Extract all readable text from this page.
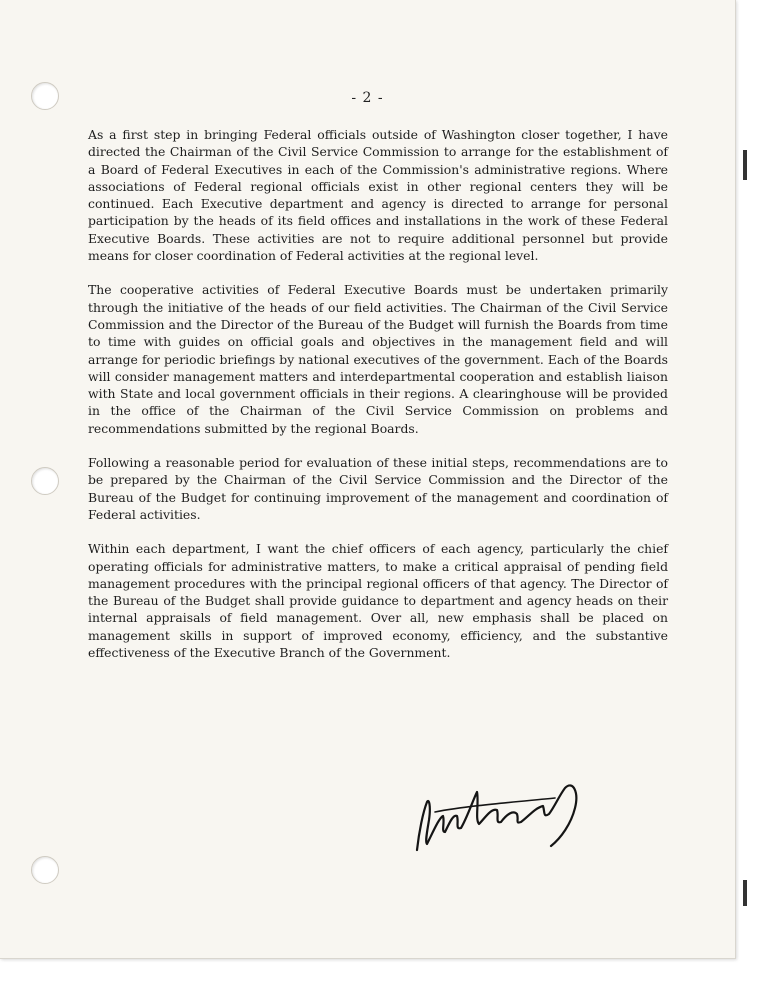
- 2 -

As a first step in bringing Federal officials outside of Washington closer together, I have directed the Chairman of the Civil Service Commission to arrange for the establishment of a Board of Federal Executives in each of the Commission's administrative regions. Where associations of Federal regional officials exist in other regional centers they will be continued. Each Executive department and agency is directed to arrange for personal participation by the heads of its field offices and installations in the work of these Federal Executive Boards. These activities are not to require additional personnel but provide means for closer coordination of Federal activities at the regional level.

The cooperative activities of Federal Executive Boards must be undertaken primarily through the initiative of the heads of our field activities. The Chairman of the Civil Service Commission and the Director of the Bureau of the Budget will furnish the Boards from time to time with guides on official goals and objectives in the management field and will arrange for periodic briefings by national executives of the government. Each of the Boards will consider management matters and interdepartmental cooperation and establish liaison with State and local government officials in their regions. A clearinghouse will be provided in the office of the Chairman of the Civil Service Commission on problems and recommendations submitted by the regional Boards.

Following a reasonable period for evaluation of these initial steps, recommendations are to be prepared by the Chairman of the Civil Service Commission and the Director of the Bureau of the Budget for continuing improvement of the management and coordination of Federal activities.

Within each department, I want the chief officers of each agency, particularly the chief operating officials for administrative matters, to make a critical appraisal of pending field management procedures with the principal regional officers of that agency. The Director of the Bureau of the Budget shall provide guidance to department and agency heads on their internal appraisals of field management. Over all, new emphasis shall be placed on management skills in support of improved economy, efficiency, and the substantive effectiveness of the Executive Branch of the Government.
